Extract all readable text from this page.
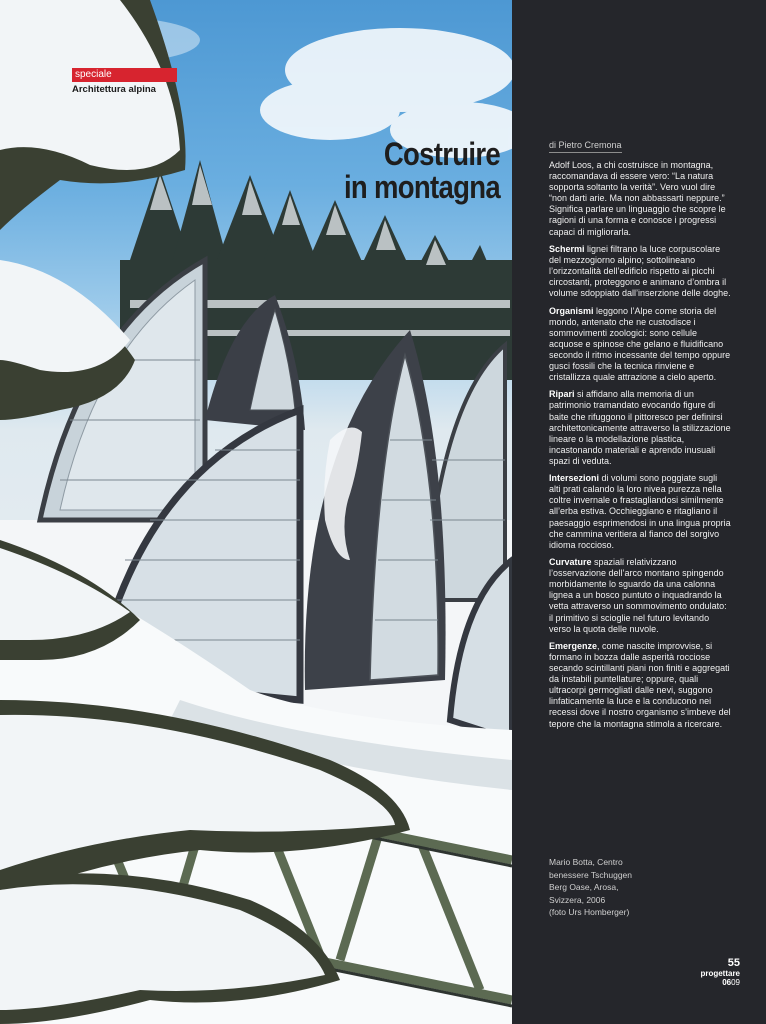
speciale
Architettura alpina
Costruire
in montagna
di Pietro Cremona

Adolf Loos, a chi costruisce in montagna, raccomandava di essere vero: “La natura sopporta soltanto la verità”. Vero vuol dire “non darti arie. Ma non abbassarti neppure.” Significa parlare un linguaggio che scopre le ragioni di una forma e conosce i progressi capaci di migliorarla.

Schermi lignei filtrano la luce corpuscolare del mezzogiorno alpino; sottolineano l’orizzontalità dell’edificio rispetto ai picchi circostanti, proteggono e animano d’ombra il volume sdoppiato dall’inserzione delle doghe.

Organismi leggono l’Alpe come storia del mondo, antenato che ne custodisce i sommovimenti zoologici: sono cellule acquose e spinose che gelano e fluidificano secondo il ritmo incessante del tempo oppure gusci fossili che la tecnica rinviene e cristallizza quale attrazione a cielo aperto.

Ripari si affidano alla memoria di un patrimonio tramandato evocando figure di baite che rifuggono il pittoresco per definirsi architettonicamente attraverso la stilizzazione lineare o la modellazione plastica, incastonando materiali e aprendo inusuali spazi di veduta.

Intersezioni di volumi sono poggiate sugli alti prati calando la loro nivea purezza nella coltre invernale o frastagliandosi similmente all’erba estiva. Occhieggiano e ritagliano il paesaggio esprimendosi in una lingua propria che cammina veritiera al fianco del sorgivo idioma roccioso.

Curvature spaziali relativizzano l’osservazione dell’arco montano spingendo morbidamente lo sguardo da una calonna lignea a un bosco puntuto o inquadrando la vetta attraverso un sommovimento ondulato: il primitivo si scioglie nel futuro levitando verso la quota delle nuvole.

Emergenze, come nascite improvvise, si formano in bozza dalle asperità rocciose secando scintillanti piani non finiti e aggregati da instabili puntellature; oppure, quali ultracorpi germogliati dalle nevi, suggono linfaticamente la luce e la conducono nei recessi dove il nostro organismo s’imbeve del tepore che la montagna stimola a ricercare.

Mario Botta, Centro
benessere Tschuggen
Berg Oase, Arosa,
Svizzera, 2006
(foto Urs Homberger)
55
progettare
0609
